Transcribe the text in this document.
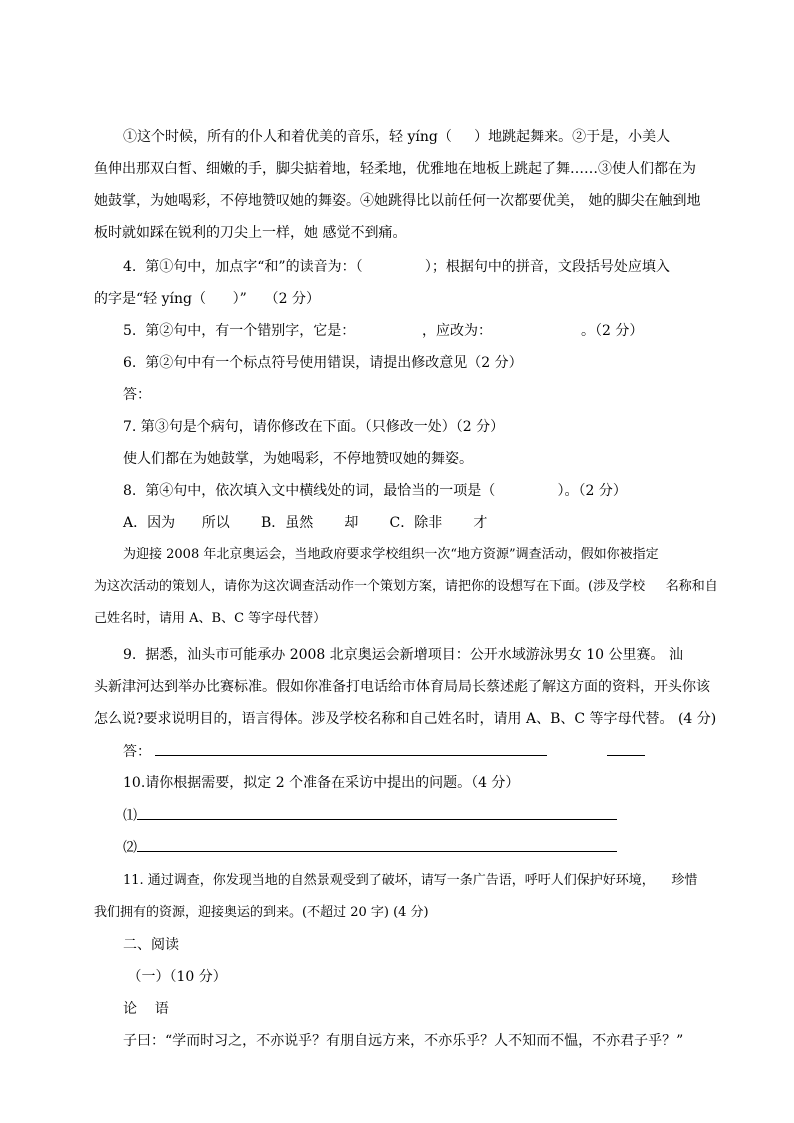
①这个时候，所有的仆人和着优美的音乐，轻 yíng（     ）地跳起舞来。②于是，小美人
鱼伸出那双白皙、细嫩的手，脚尖掂着地，轻柔地，优雅地在地板上跳起了舞……③使人们都在为
她鼓掌，为她喝彩，不停地赞叹她的舞姿。④她跳得比以前任何一次都要优美， 她的脚尖在触到地
板时就如踩在锐利的刀尖上一样，她 感觉不到痛。
4.  第①句中，加点字“和”的读音为：（              ）；根据句中的拼音，文段括号处应填入
的字是“轻 yíng（      ）”    （2 分）
5.  第②句中，有一个错别字，它是：               ，应改为：                    。（2 分）
6.  第②句中有一个标点符号使用错误，请提出修改意见（2 分）
答：
7. 第③句是个病句，请你修改在下面。（只修改一处）（2 分）
使人们都在为她鼓掌，为她喝彩，不停地赞叹她的舞姿。
8.  第④句中，依次填入文中横线处的词，最恰当的一项是（              ）。（2 分）
A．因为      所以       B．虽然       却       C．除非       才
为迎接 2008 年北京奥运会，当地政府要求学校组织一次“地方资源”调查活动，假如你被指定
为这次活动的策划人，请你为这次调查活动作一个策划方案，请把你的设想写在下面。(涉及学校     名称和自
己姓名时，请用 A、B、C 等字母代替）
9.  据悉，汕头市可能承办 2008 北京奥运会新增项目：公开水域游泳男女 10 公里赛。 汕
头新津河达到举办比赛标准。假如你准备打电话给市体育局局长蔡述彪了解这方面的资料，开头你该
怎么说?要求说明目的，语言得体。涉及学校名称和自己姓名时，请用 A、B、C 等字母代替。 (4 分)
答：
10.请你根据需要，拟定 2 个准备在采访中提出的问题。（4 分）
⑴
⑵
11. 通过调查，你发现当地的自然景观受到了破坏，请写一条广告语，呼吁人们保护好环境，    珍惜
我们拥有的资源，迎接奥运的到来。(不超过 20 字) (4 分)
二、阅读
（一）（10 分）
论    语
子曰：“学而时习之，不亦说乎？有朋自远方来，不亦乐乎？人不知而不愠，不亦君子乎？”
